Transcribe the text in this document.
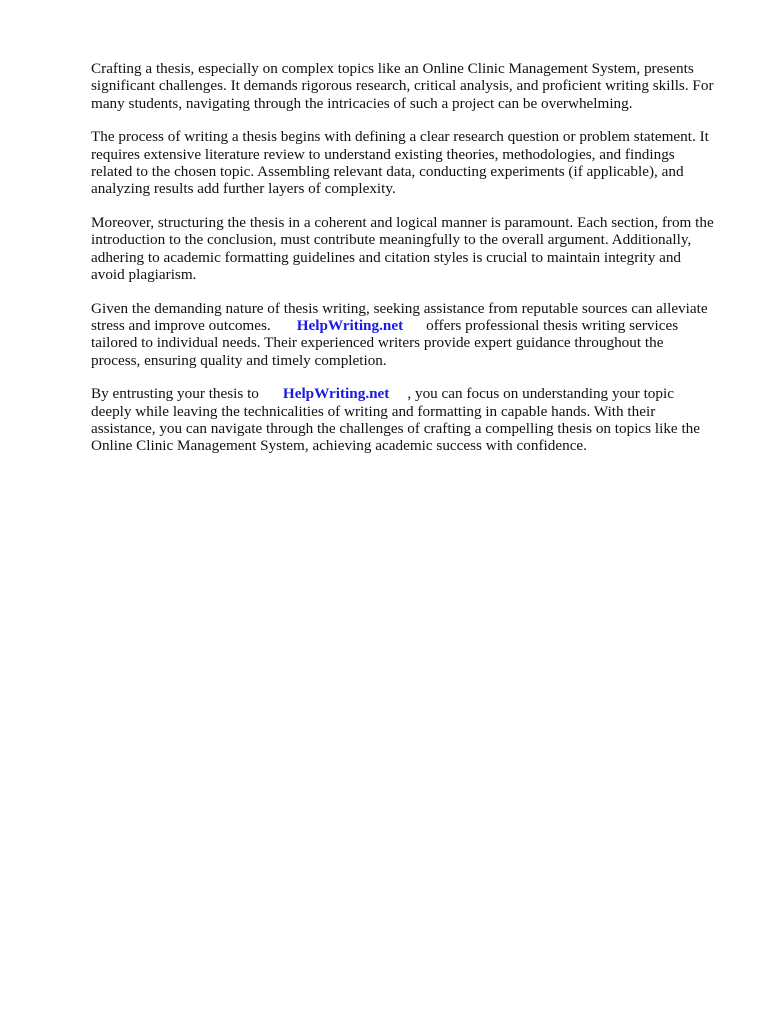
Crafting a thesis, especially on complex topics like an Online Clinic Management System, presents significant challenges. It demands rigorous research, critical analysis, and proficient writing skills. For many students, navigating through the intricacies of such a project can be overwhelming.

The process of writing a thesis begins with defining a clear research question or problem statement. It requires extensive literature review to understand existing theories, methodologies, and findings related to the chosen topic. Assembling relevant data, conducting experiments (if applicable), and analyzing results add further layers of complexity.

Moreover, structuring the thesis in a coherent and logical manner is paramount. Each section, from the introduction to the conclusion, must contribute meaningfully to the overall argument. Additionally, adhering to academic formatting guidelines and citation styles is crucial to maintain integrity and avoid plagiarism.

Given the demanding nature of thesis writing, seeking assistance from reputable sources can alleviate stress and improve outcomes. HelpWriting.net offers professional thesis writing services tailored to individual needs. Their experienced writers provide expert guidance throughout the process, ensuring quality and timely completion.

By entrusting your thesis to HelpWriting.net , you can focus on understanding your topic deeply while leaving the technicalities of writing and formatting in capable hands. With their assistance, you can navigate through the challenges of crafting a compelling thesis on topics like the Online Clinic Management System, achieving academic success with confidence.
